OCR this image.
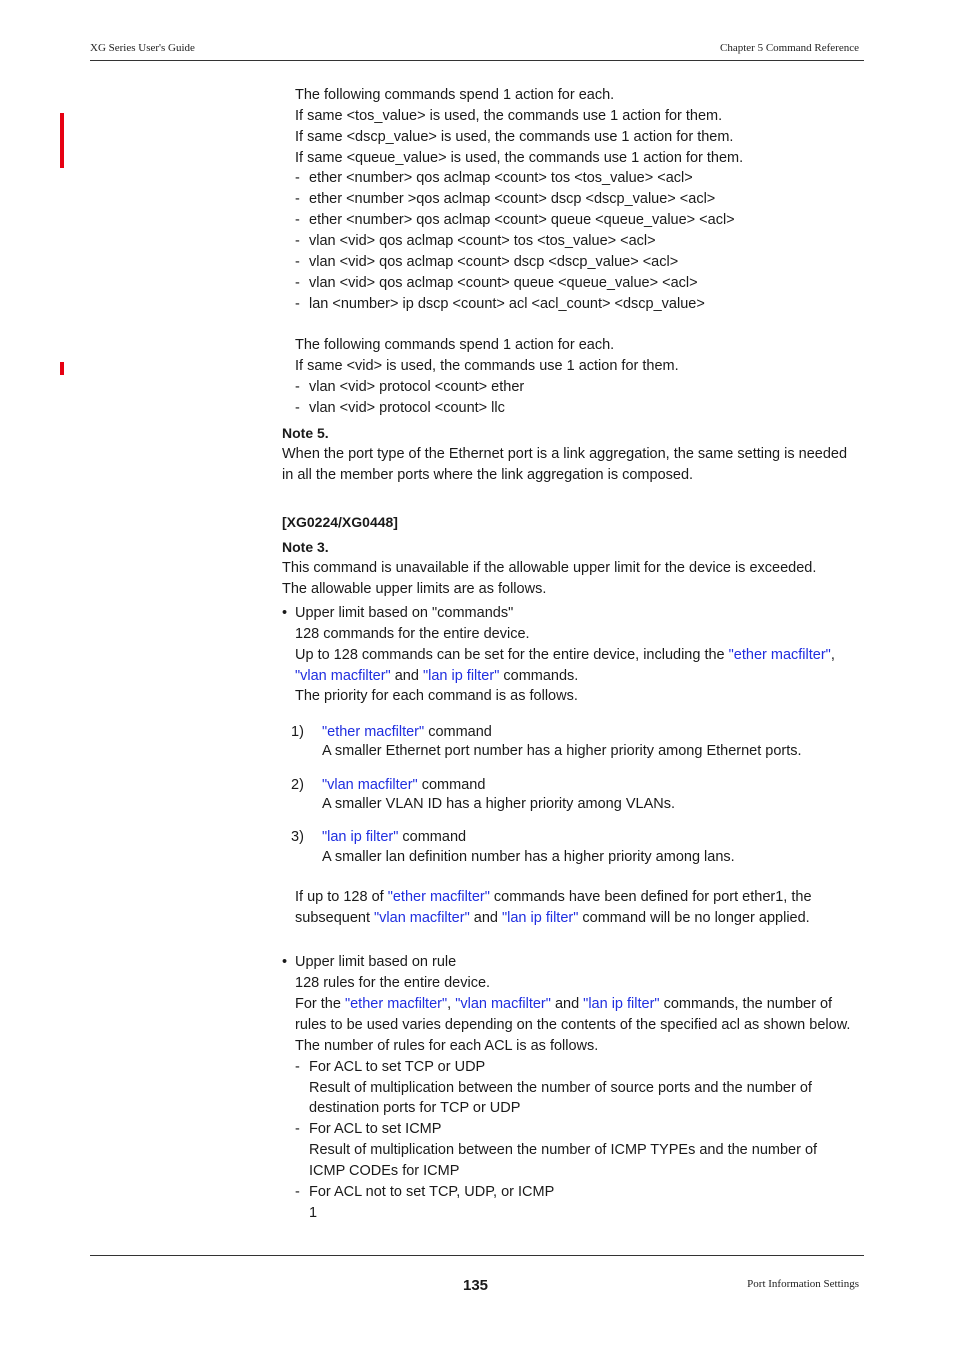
XG Series User's Guide	Chapter 5 Command Reference
The following commands spend 1 action for each.
If same <tos_value> is used, the commands use 1 action for them.
If same <dscp_value> is used, the commands use 1 action for them.
If same <queue_value> is used, the commands use 1 action for them.
- ether <number> qos aclmap <count> tos <tos_value> <acl>
- ether <number >qos aclmap <count> dscp <dscp_value> <acl>
- ether <number> qos aclmap <count> queue <queue_value> <acl>
- vlan <vid> qos aclmap <count> tos <tos_value> <acl>
- vlan <vid> qos aclmap <count> dscp <dscp_value> <acl>
- vlan <vid> qos aclmap <count> queue <queue_value> <acl>
- lan <number> ip dscp <count> acl <acl_count> <dscp_value>
The following commands spend 1 action for each.
If same <vid> is used, the commands use 1 action for them.
- vlan <vid> protocol <count> ether
- vlan <vid> protocol <count> llc
Note 5.
When the port type of the Ethernet port is a link aggregation, the same setting is needed
in all the member ports where the link aggregation is composed.
[XG0224/XG0448]
Note 3.
This command is unavailable if the allowable upper limit for the device is exceeded.
The allowable upper limits are as follows.
• Upper limit based on "commands"
128 commands for the entire device.
Up to 128 commands can be set for the entire device, including the "ether macfilter",
"vlan macfilter" and "lan ip filter" commands.
The priority for each command is as follows.
1) "ether macfilter" command
A smaller Ethernet port number has a higher priority among Ethernet ports.
2) "vlan macfilter" command
A smaller VLAN ID has a higher priority among VLANs.
3) "lan ip filter" command
A smaller lan definition number has a higher priority among lans.
If up to 128 of "ether macfilter" commands have been defined for port ether1, the
subsequent "vlan macfilter" and "lan ip filter" command will be no longer applied.
• Upper limit based on rule
128 rules for the entire device.
For the "ether macfilter", "vlan macfilter" and "lan ip filter" commands, the number of
rules to be used varies depending on the contents of the specified acl as shown below.
The number of rules for each ACL is as follows.
- For ACL to set TCP or UDP
Result of multiplication between the number of source ports and the number of
destination ports for TCP or UDP
- For ACL to set ICMP
Result of multiplication between the number of ICMP TYPEs and the number of
ICMP CODEs for ICMP
- For ACL not to set TCP, UDP, or ICMP
1
135	Port Information Settings
